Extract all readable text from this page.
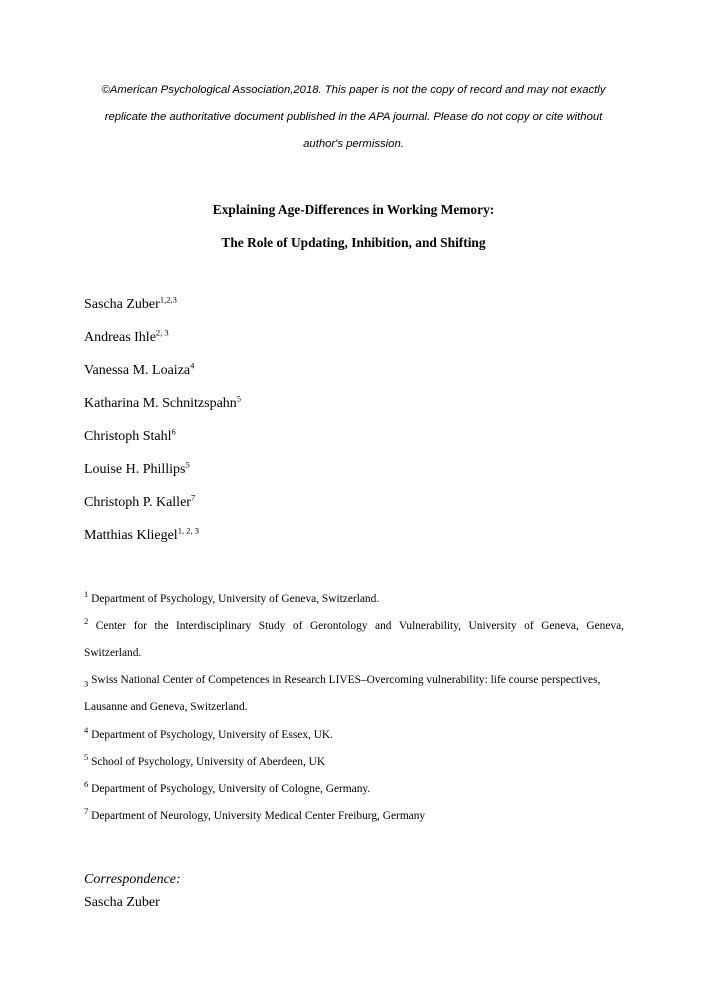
©American Psychological Association,2018. This paper is not the copy of record and may not exactly
replicate the authoritative document published in the APA journal. Please do not copy or cite without
author's permission.
Explaining Age-Differences in Working Memory:
The Role of Updating, Inhibition, and Shifting
Sascha Zuber$^{1,2,3}$
Andreas Ihle$^{2, 3}$
Vanessa M. Loaiza$^4$
Katharina M. Schnitzspahn$^5$
Christoph Stahl$^6$
Louise H. Phillips$^5$
Christoph P. Kaller$^7$
Matthias Kliegel$^{1, 2, 3}$
$^1$ Department of Psychology, University of Geneva, Switzerland.
$^2$ Center for the Interdisciplinary Study of Gerontology and Vulnerability, University of Geneva, Geneva,
Switzerland.
$^3$ Swiss National Center of Competences in Research LIVES–Overcoming vulnerability: life course perspectives,
Lausanne and Geneva, Switzerland.
$^4$ Department of Psychology, University of Essex, UK.
$^5$ School of Psychology, University of Aberdeen, UK
$^6$ Department of Psychology, University of Cologne, Germany.
$^7$ Department of Neurology, University Medical Center Freiburg, Germany
Correspondence:
Sascha Zuber
